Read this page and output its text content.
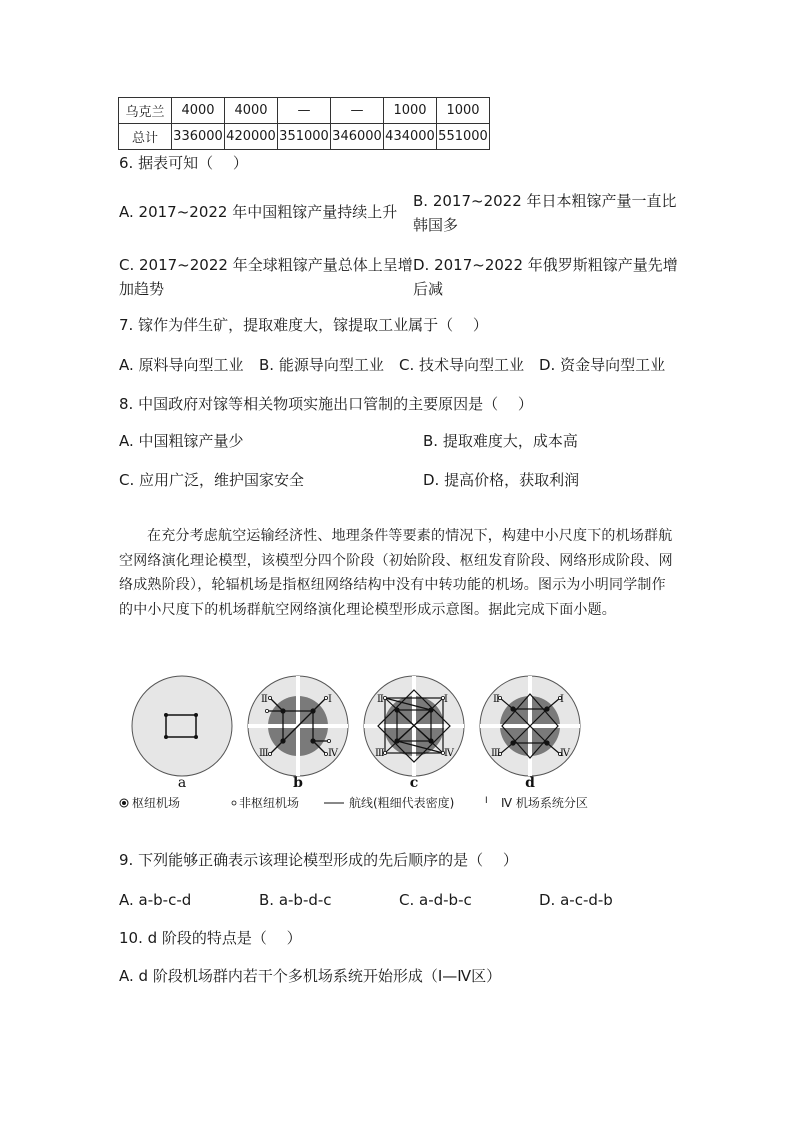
乌克兰	4000	4000	—	—	1000	1000
总计	336000	420000	351000	346000	434000	551000
6. 据表可知（　 ）
A. 2017~2022 年中国粗镓产量持续上升
B. 2017~2022 年日本粗镓产量一直比
韩国多
C. 2017~2022 年全球粗镓产量总体上呈增
加趋势
D. 2017~2022 年俄罗斯粗镓产量先增
后减
7. 镓作为伴生矿，提取难度大，镓提取工业属于（　 ）
A. 原料导向型工业 B. 能源导向型工业 C. 技术导向型工业 D. 资金导向型工业
8. 中国政府对镓等相关物项实施出口管制的主要原因是（　 ）
A. 中国粗镓产量少	B. 提取难度大，成本高
C. 应用广泛，维护国家安全	D. 提高价格，获取利润
在充分考虑航空运输经济性、地理条件等要素的情况下，构建中小尺度下的机场群航空网络演化理论模型，该模型分四个阶段（初始阶段、枢纽发育阶段、网络形成阶段、网络成熟阶段），轮辐机场是指枢纽网络结构中没有中转功能的机场。图示为小明同学制作的中小尺度下的机场群航空网络演化理论模型形成示意图。据此完成下面小题。
Ⅱ	Ⅰ
Ⅲ	Ⅳ
Ⅱ	Ⅰ
Ⅲ	Ⅳ
Ⅱ	Ⅰ
Ⅲ	Ⅳ
a	b	c	d
枢纽机场	非枢纽机场	航线(粗细代表密度)	Ⅰ Ⅳ 机场系统分区
9. 下列能够正确表示该理论模型形成的先后顺序的是（　 ）
A. a-b-c-d	B. a-b-d-c	C. a-d-b-c	D. a-c-d-b
10. d 阶段的特点是（　 ）
A. d 阶段机场群内若干个多机场系统开始形成（Ⅰ—Ⅳ区）
